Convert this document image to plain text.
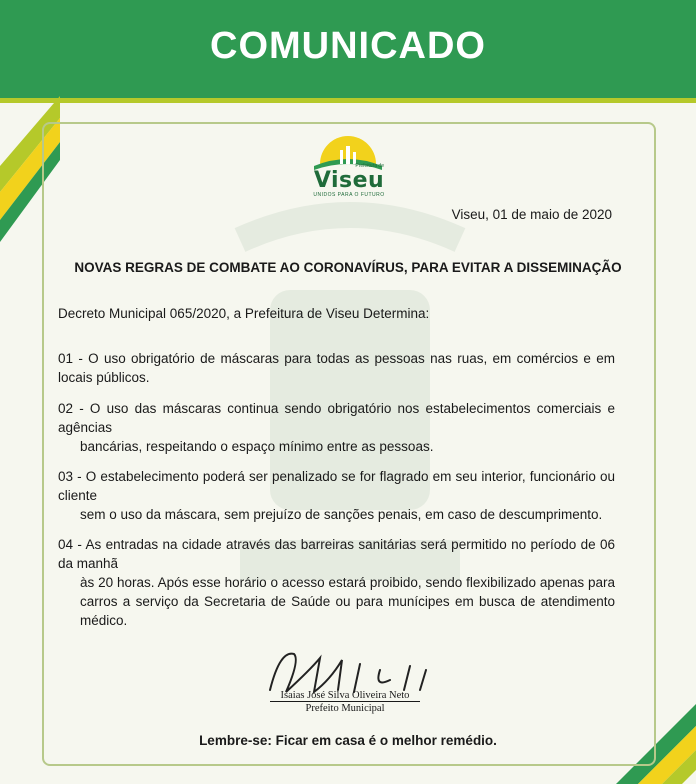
COMUNICADO
Prefeitura de
Viseu
UNIDOS PARA O FUTURO
Viseu, 01 de maio de 2020
NOVAS REGRAS DE COMBATE AO CORONAVÍRUS, PARA EVITAR A DISSEMINAÇÃO
Decreto Municipal 065/2020, a Prefeitura de Viseu Determina:
01 - O uso obrigatório de máscaras para todas as pessoas nas ruas, em comércios e em locais públicos.
02 - O uso das máscaras continua sendo obrigatório nos estabelecimentos comerciais e agências
bancárias, respeitando o espaço mínimo entre as pessoas.
03 - O estabelecimento poderá ser penalizado se for flagrado em seu interior, funcionário ou cliente
sem o uso da máscara, sem prejuízo de sanções penais, em caso de descumprimento.
04 - As entradas na cidade através das barreiras sanitárias será permitido no período de 06 da manhã
às 20 horas. Após esse horário o acesso estará proibido, sendo flexibilizado apenas para carros a serviço da Secretaria de Saúde ou para munícipes em busca de atendimento médico.
Isaias José Silva Oliveira Neto
Prefeito Municipal
Lembre-se: Ficar em casa é o melhor remédio.
